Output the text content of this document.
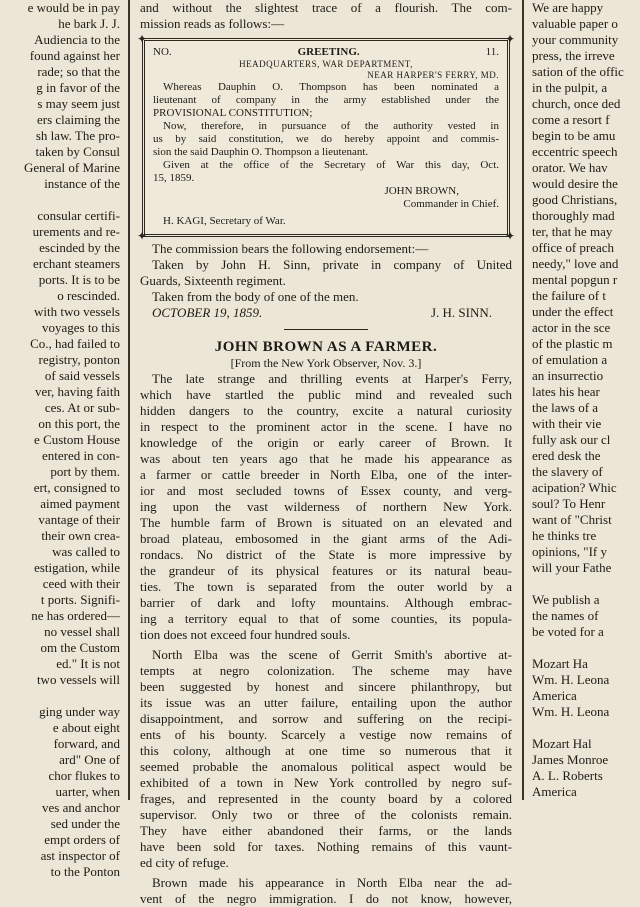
e would be in pay
he bark J. J.
Audiencia to the
found against her
rade; so that the
g in favor of the
s may seem just
ers claiming the
sh law. The pro-
taken by Consul
General of Marine
instance of the
consular certifi-
urements and re-
escinded by the
erchant steamers
ports. It is to be
o rescinded.
with two vessels
voyages to this
Co., had failed to
registry, ponton
of said vessels
ver, having faith
ces. At or sub-
on this port, the
e Custom House
entered in con-
port by them.
ert, consigned to
aimed payment
vantage of their
their own crea-
was called to
estigation, while
ceed with their
t ports. Signifi-
ne has ordered—
no vessel shall
om the Custom
ed." It is not
two vessels will
ging under way
e about eight
forward, and
ard" One of
chor flukes to
uarter, when
ves and anchor
sed under the
empt orders of
ast inspector of
to the Ponton
and without the slightest trace of a flourish. The com-
mission reads as follows:—
✦	✦
✦	✦
NO.	GREETING.	11.
HEADQUARTERS, WAR DEPARTMENT,
NEAR HARPER'S FERRY, MD.
Whereas Dauphin O. Thompson has been nominated a
lieutenant of company in the army established under the
PROVISIONAL CONSTITUTION;
Now, therefore, in pursuance of the authority vested in
us by said constitution, we do hereby appoint and commis-
sion the said Dauphin O. Thompson a lieutenant.
Given at the office of the Secretary of War this day, Oct.
15, 1859.
JOHN BROWN,
Commander in Chief.
H. KAGI, Secretary of War.
The commission bears the following endorsement:—
Taken by John H. Sinn, private in company of United
Guards, Sixteenth regiment.
Taken from the body of one of the men.
OCTOBER 19, 1859.	J. H. SINN.
JOHN BROWN AS A FARMER.
[From the New York Observer, Nov. 3.]
The late strange and thrilling events at Harper's Ferry,
which have startled the public mind and revealed such
hidden dangers to the country, excite a natural curiosity
in respect to the prominent actor in the scene. I have no
knowledge of the origin or early career of Brown. It
was about ten years ago that he made his appearance as
a farmer or cattle breeder in North Elba, one of the inter-
ior and most secluded towns of Essex county, and verg-
ing upon the vast wilderness of northern New York.
The humble farm of Brown is situated on an elevated and
broad plateau, embosomed in the giant arms of the Adi-
rondacs. No district of the State is more impressive by
the grandeur of its physical features or its natural beau-
ties. The town is separated from the outer world by a
barrier of dark and lofty mountains. Although embrac-
ing a territory equal to that of some counties, its popula-
tion does not exceed four hundred souls.
North Elba was the scene of Gerrit Smith's abortive at-
tempts at negro colonization. The scheme may have
been suggested by honest and sincere philanthropy, but
its issue was an utter failure, entailing upon the author
disappointment, and sorrow and suffering on the recipi-
ents of his bounty. Scarcely a vestige now remains of
this colony, although at one time so numerous that it
seemed probable the anomalous political aspect would be
exhibited of a town in New York controlled by negro suf-
frages, and represented in the county board by a colored
supervisor. Only two or three of the colonists remain.
They have either abandoned their farms, or the lands
have been sold for taxes. Nothing remains of this vaunt-
ed city of refuge.
Brown made his appearance in North Elba near the ad-
vent of the negro immigration. I do not know, however,
We are happy
valuable paper o
your community
press, the irreve
sation of the offic
in the pulpit, a
church, once ded
come a resort f
begin to be amu
eccentric speech
orator. We hav
would desire the
good Christians,
thoroughly mad
ter, that he may
office of preach
needy," love and
mental popgun r
the failure of t
under the effect
actor in the sce
of the plastic m
of emulation a
an insurrectio
lates his hear
the laws of a
with their vie
fully ask our cl
ered desk the
the slavery of
acipation? Whic
soul? To Henr
want of "Christ
he thinks tre
opinions, "If y
will your Fathe
We publish a
the names of
be voted for a
Mozart Ha
Wm. H. Leona
America
Wm. H. Leona
Mozart Hal
James Monroe
A. L. Roberts
America
